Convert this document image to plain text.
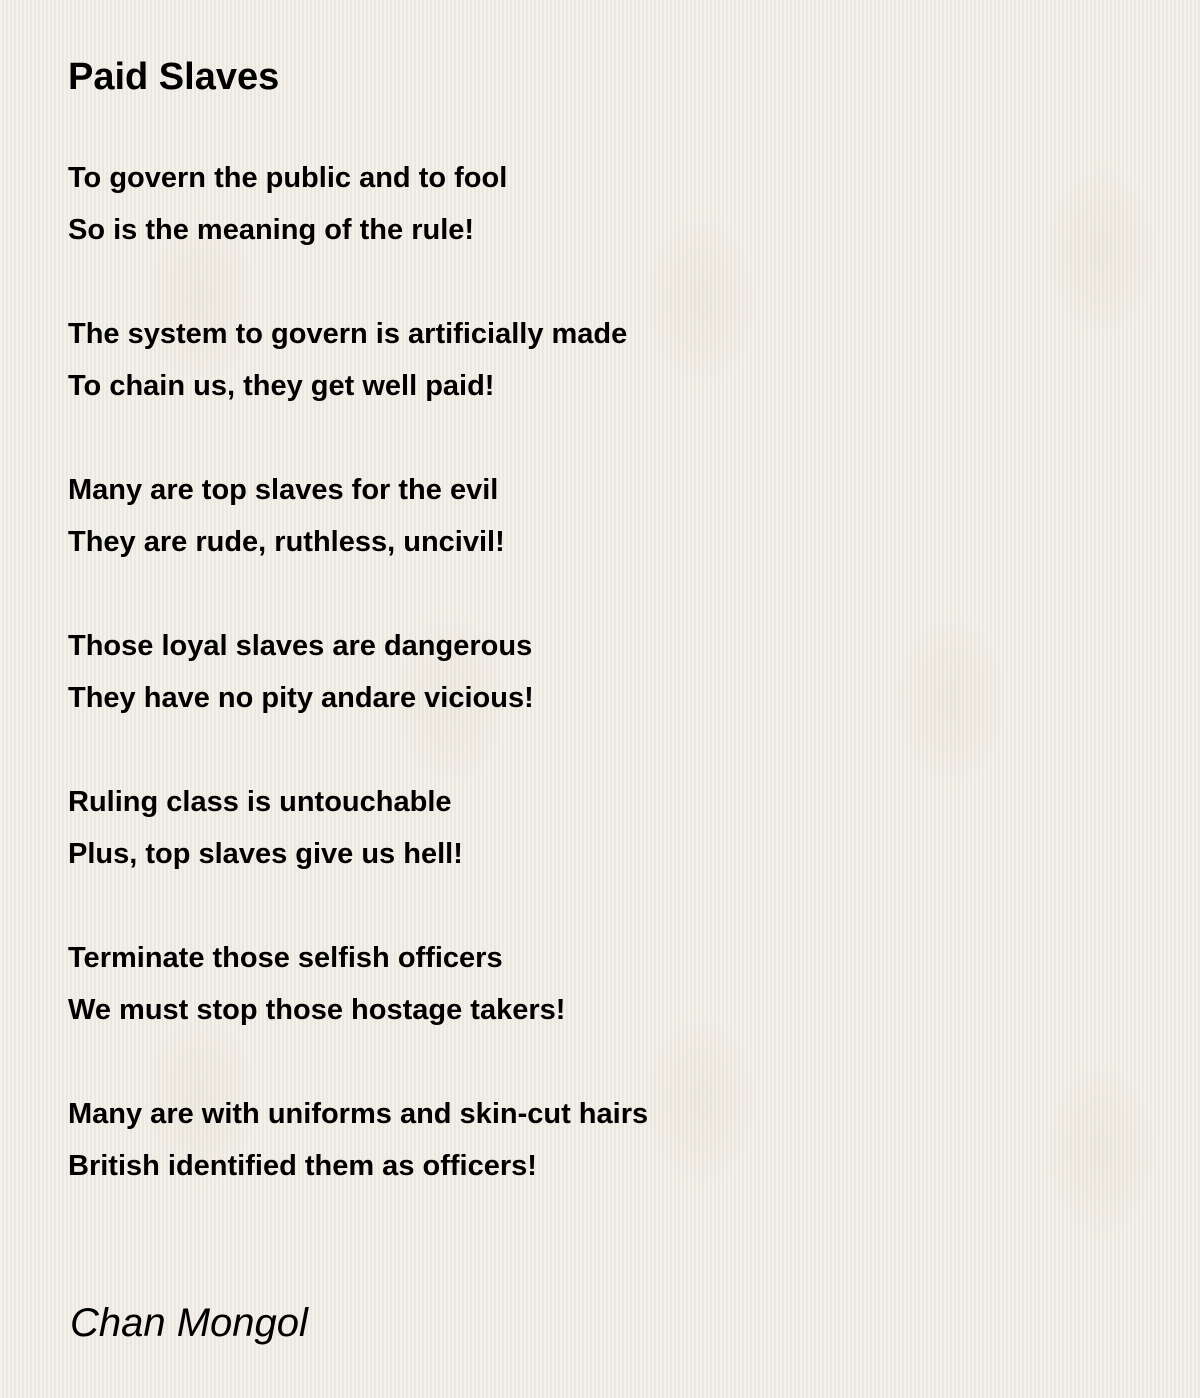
Paid Slaves
To govern the public and to fool
So is the meaning of the rule!
The system to govern is artificially made
To chain us, they get well paid!
Many are top slaves for the evil
They are rude, ruthless, uncivil!
Those loyal slaves are dangerous
They have no pity andare vicious!
Ruling class is untouchable
Plus, top slaves give us hell!
Terminate those selfish officers
We must stop those hostage takers!
Many are with uniforms and skin-cut hairs
British identified them as officers!
Chan Mongol
